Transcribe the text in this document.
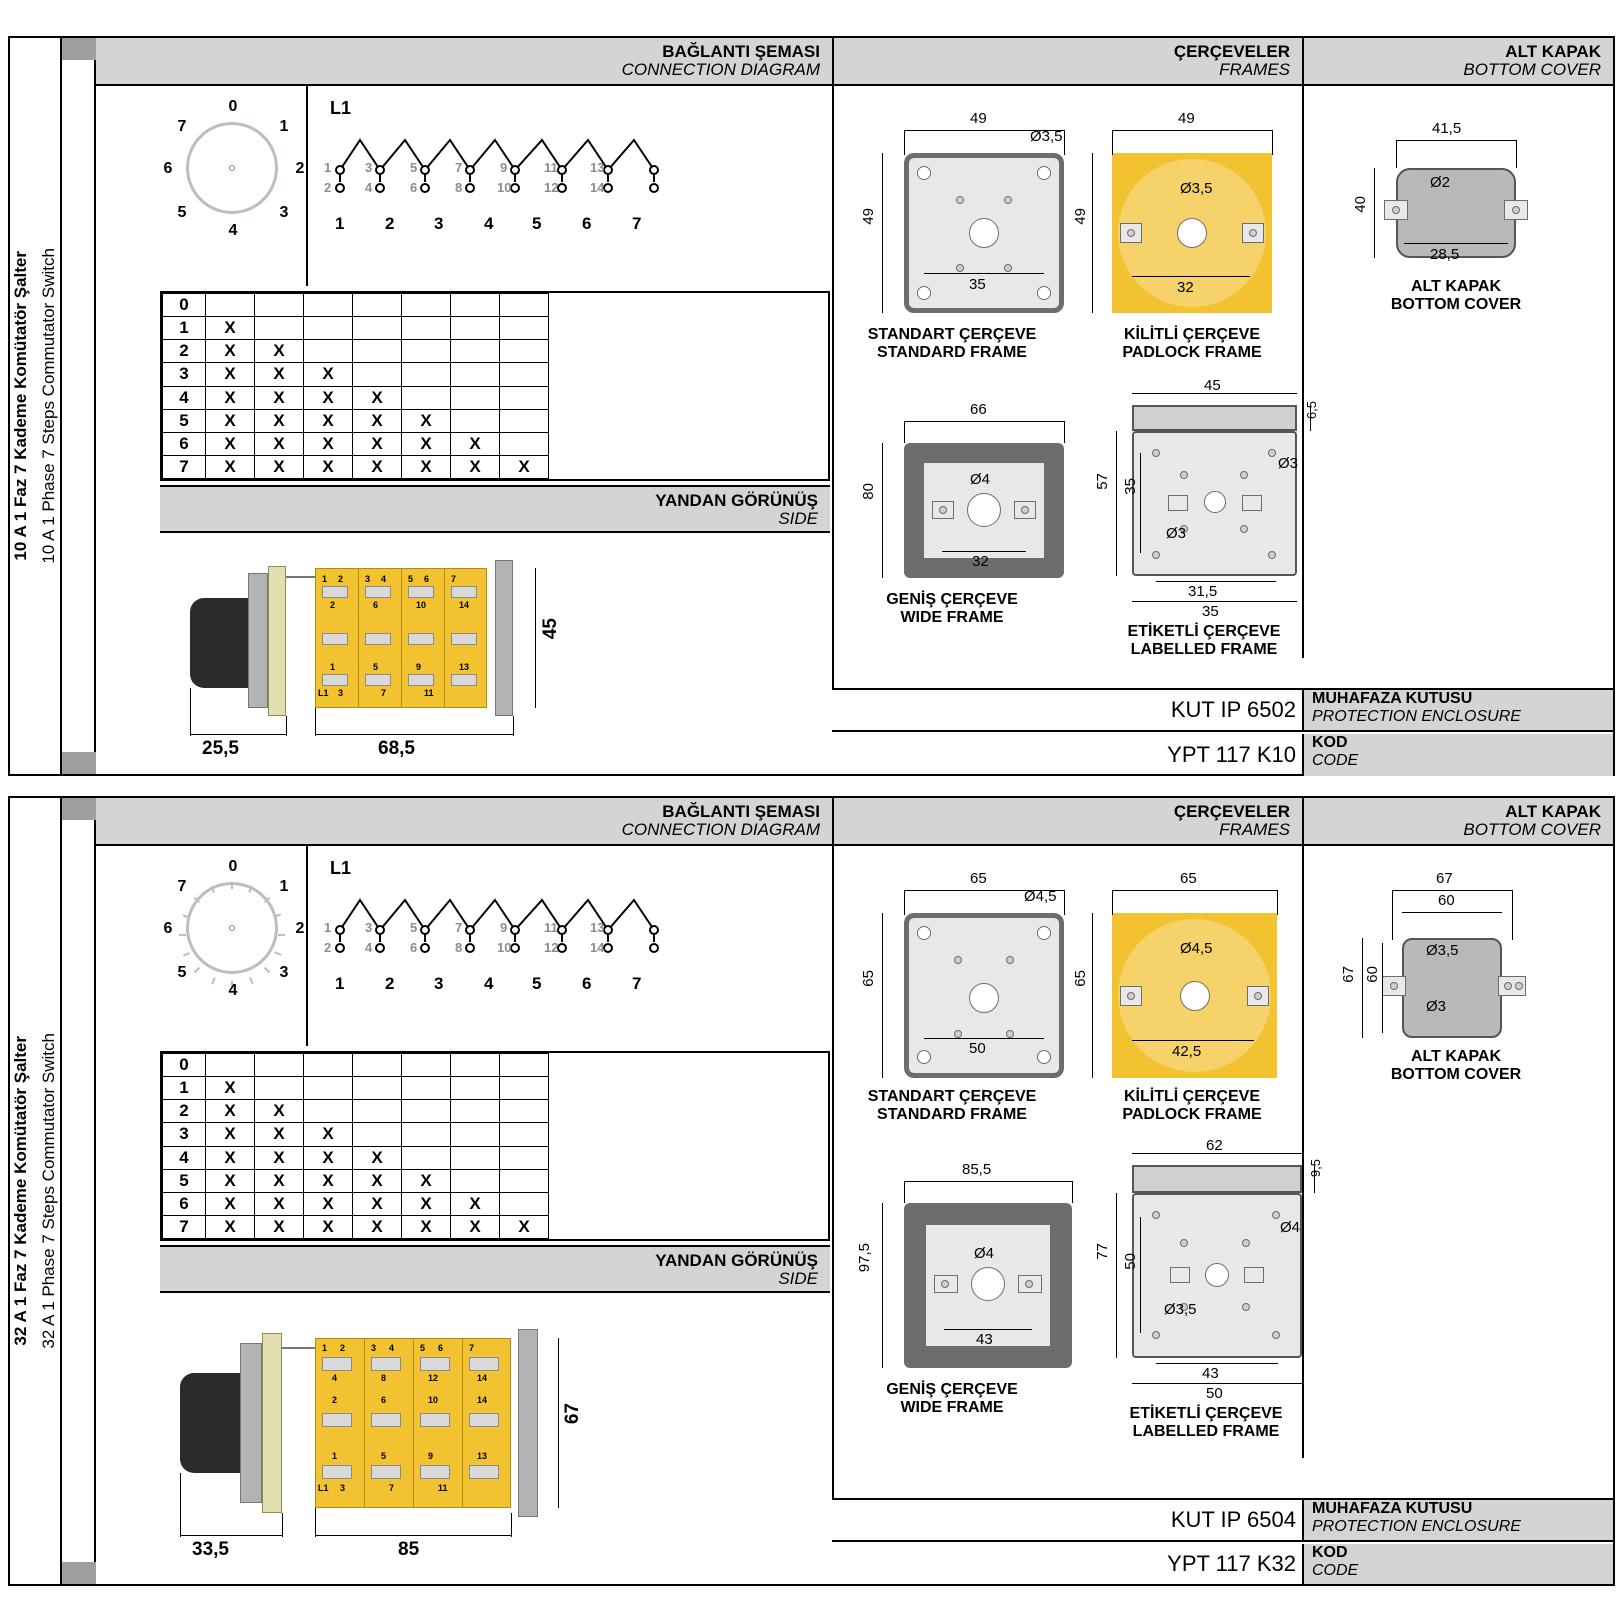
10 A 1 Faz 7 Kademe Komütatör Şalter 10 A 1 Phase 7 Steps Commutator Switch
BAĞLANTI ŞEMASI
CONNECTION DIAGRAM
ÇERÇEVELER
FRAMES
ALT KAPAK
BOTTOM COVER
0
1
2
3
4
5
6
7
L1
1
2
3
4
5
6
7
8
9
10
11
12
13
14
1 2 3 4 5 6 7
0								
1	X							
2	X	X						
3	X	X	X					
4	X	X	X	X				
5	X	X	X	X	X			
6	X	X	X	X	X	X		
7	X	X	X	X	X	X	X	
YANDAN GÖRÜNÜŞ
SIDE
1 2 3 4 5 6 7
2	6	10	14
1	5	9	13
L1 3	7	11
25,5	68,5
45
49
49
35
Ø3,5
STANDART ÇERÇEVE
STANDARD FRAME
49
49
32
Ø3,5
KİLİTLİ ÇERÇEVE
PADLOCK FRAME
66
80
32
Ø4
GENİŞ ÇERÇEVE
WIDE FRAME
45
6,5
57 35
Ø3
Ø3
31,5
35
ETİKETLİ ÇERÇEVE
LABELLED FRAME
41,5
40
Ø2
28,5
ALT KAPAK
BOTTOM COVER
KUT IP 6502	MUHAFAZA KUTUSU
PROTECTION ENCLOSURE
YPT 117 K10	KOD
CODE
32 A 1 Faz 7 Kademe Komütatör Şalter 32 A 1 Phase 7 Steps Commutator Switch
BAĞLANTI ŞEMASI
CONNECTION DIAGRAM
ÇERÇEVELER
FRAMES
ALT KAPAK
BOTTOM COVER
0
1
2
3
4
5
6
7
L1
1
2
3
4
5
6
7
8
9
10
11
12
13
14
1 2 3 4 5 6 7
0								
1	X							
2	X	X						
3	X	X	X					
4	X	X	X	X				
5	X	X	X	X	X			
6	X	X	X	X	X	X		
7	X	X	X	X	X	X	X	
YANDAN GÖRÜNÜŞ
SIDE
1 2	3 4	5 6	7
4	8	12	14
2	6	10	14
1	5	9	13
L1 3	7	11
33,5	85
67
65
65
50
Ø4,5
STANDART ÇERÇEVE
STANDARD FRAME
65
65
42,5
Ø4,5
KİLİTLİ ÇERÇEVE
PADLOCK FRAME
85,5
97,5
43
Ø4
GENİŞ ÇERÇEVE
WIDE FRAME
62
9,5
77
50
Ø4
Ø3,5
43
50
ETİKETLİ ÇERÇEVE
LABELLED FRAME
67
60
67 60
Ø3,5
Ø3
ALT KAPAK
BOTTOM COVER
KUT IP 6504	MUHAFAZA KUTUSU
PROTECTION ENCLOSURE
YPT 117 K32	KOD
CODE
